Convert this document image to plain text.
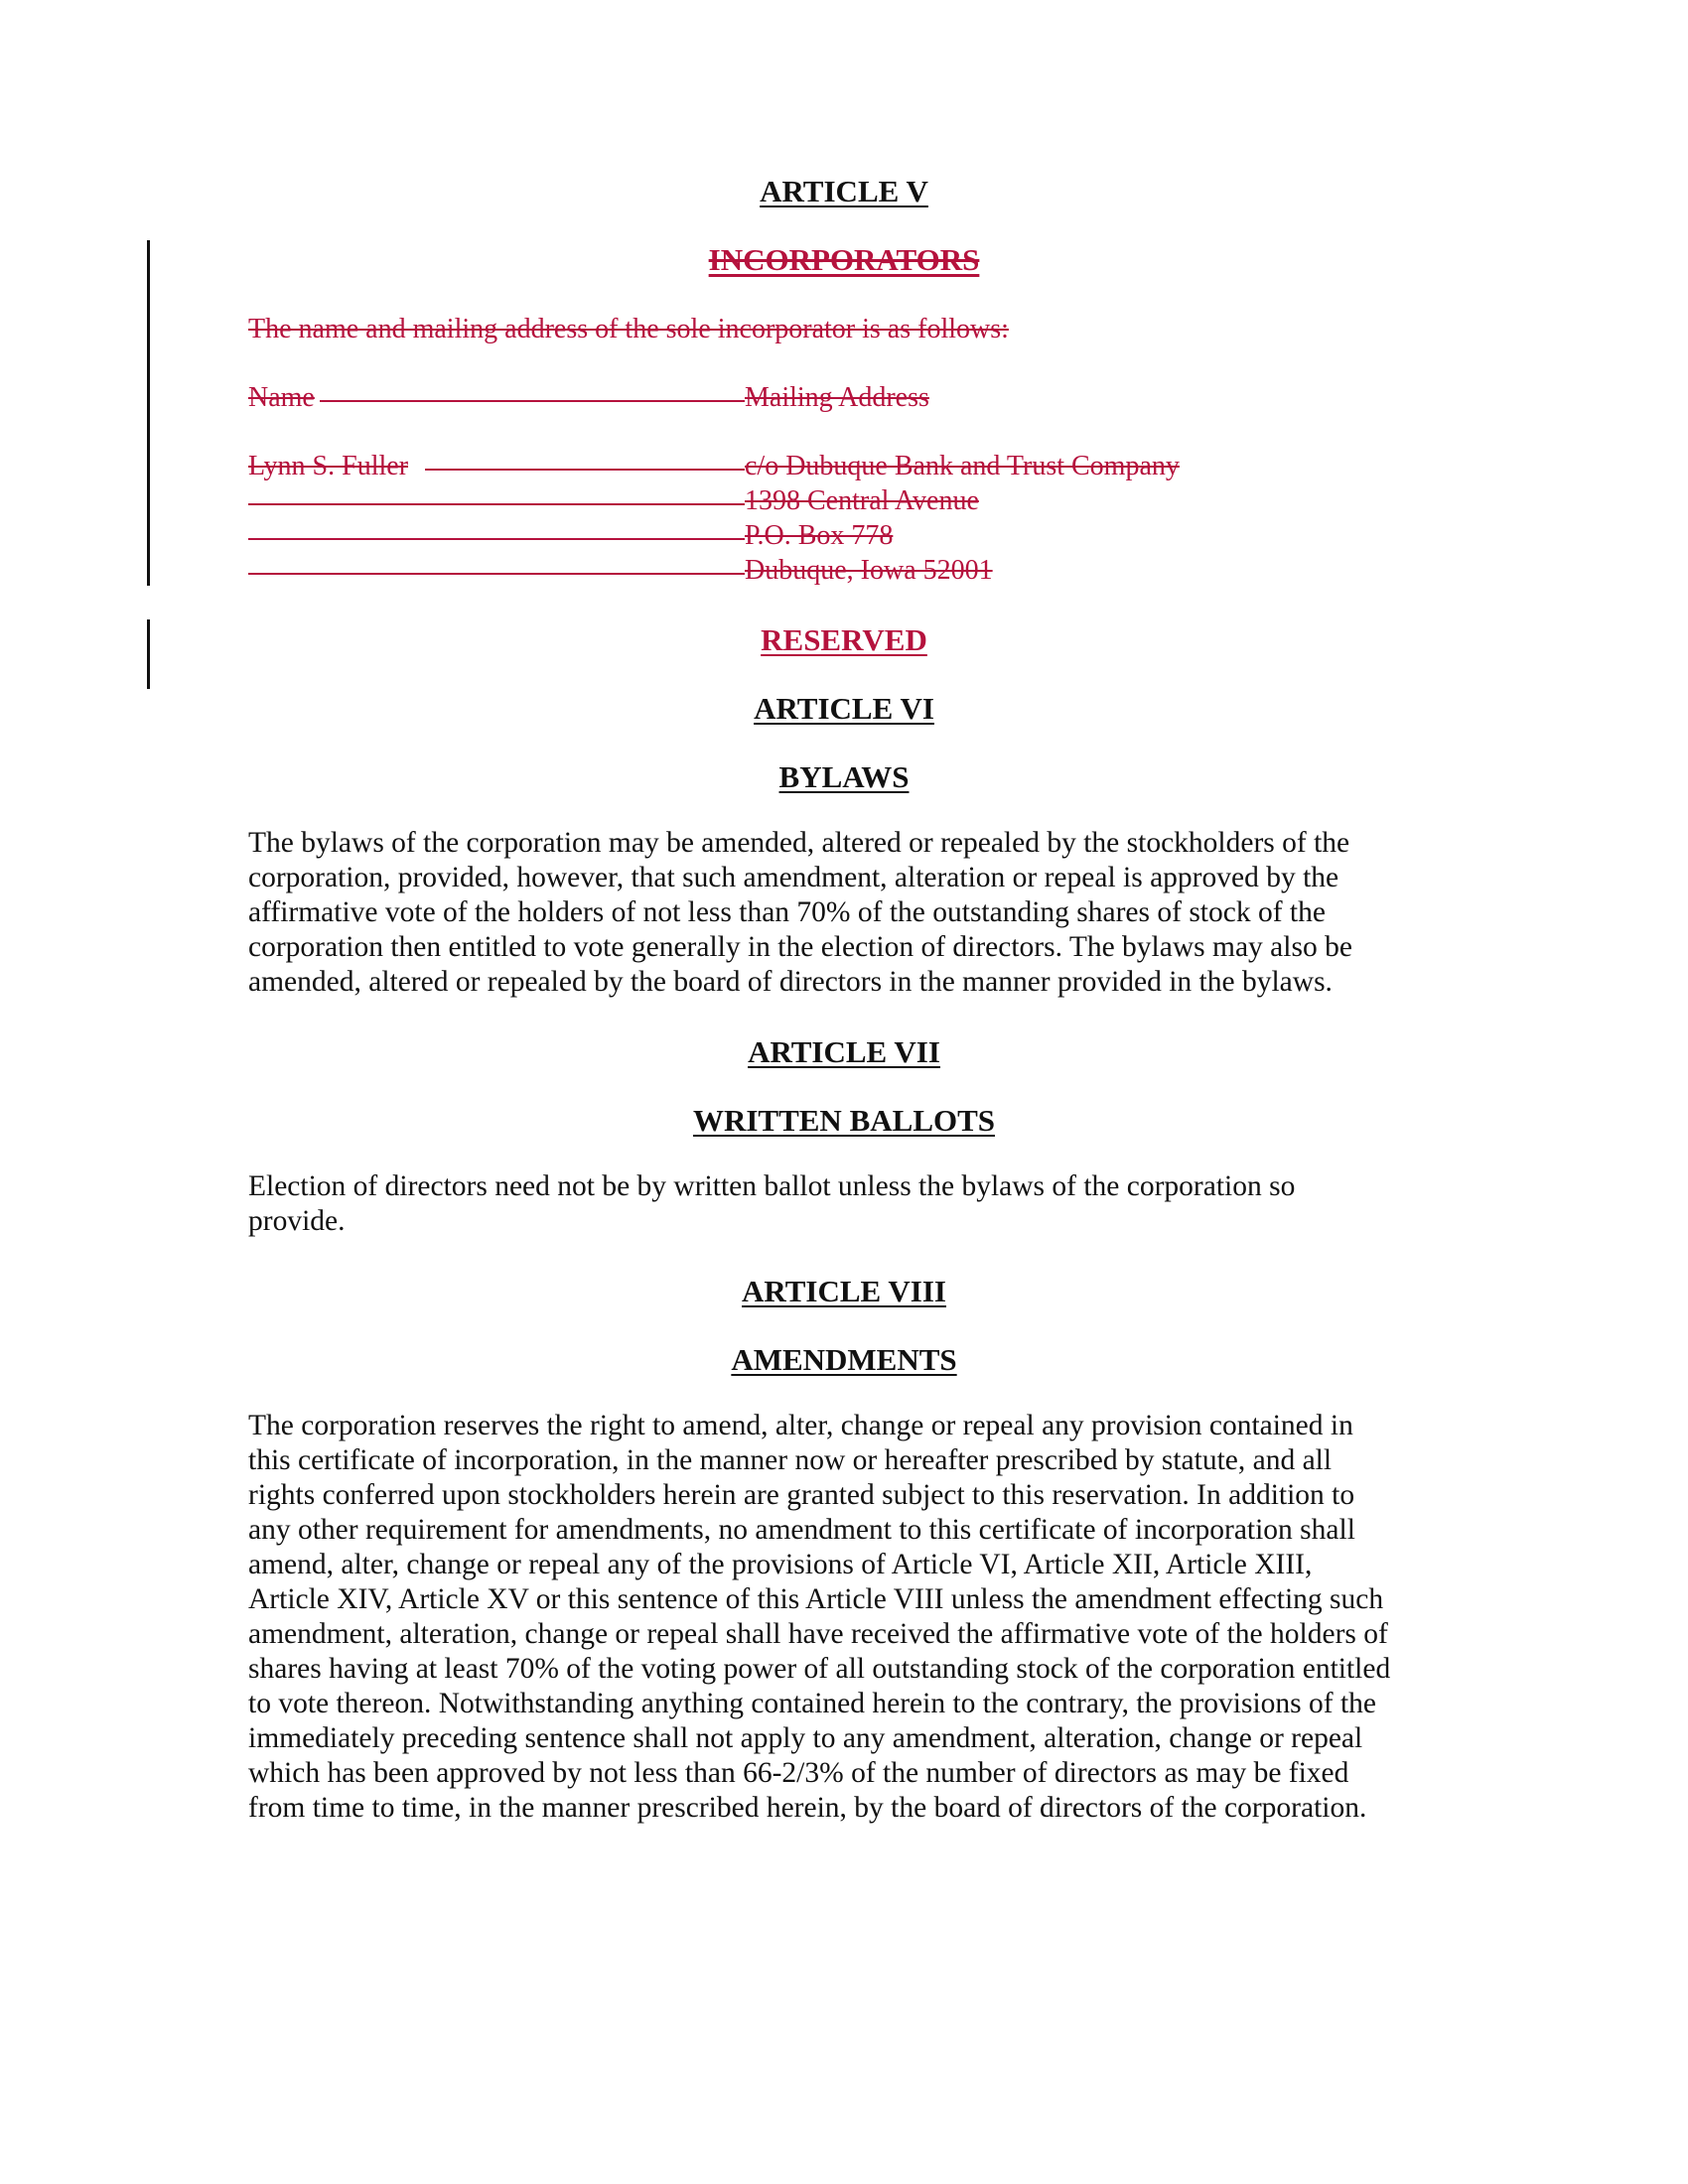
ARTICLE V
INCORPORATORS
The name and mailing address of the sole incorporator is as follows:
Name	Mailing Address
Lynn S. Fuller	c/o Dubuque Bank and Trust Company
1398 Central Avenue
P.O. Box 778
Dubuque, Iowa 52001
RESERVED
ARTICLE VI
BYLAWS
The bylaws of the corporation may be amended, altered or repealed by the stockholders of the
corporation, provided, however, that such amendment, alteration or repeal is approved by the
affirmative vote of the holders of not less than 70% of the outstanding shares of stock of the
corporation then entitled to vote generally in the election of directors. The bylaws may also be
amended, altered or repealed by the board of directors in the manner provided in the bylaws.
ARTICLE VII
WRITTEN BALLOTS
Election of directors need not be by written ballot unless the bylaws of the corporation so
provide.
ARTICLE VIII
AMENDMENTS
The corporation reserves the right to amend, alter, change or repeal any provision contained in
this certificate of incorporation, in the manner now or hereafter prescribed by statute, and all
rights conferred upon stockholders herein are granted subject to this reservation. In addition to
any other requirement for amendments, no amendment to this certificate of incorporation shall
amend, alter, change or repeal any of the provisions of Article VI, Article XII, Article XIII,
Article XIV, Article XV or this sentence of this Article VIII unless the amendment effecting such
amendment, alteration, change or repeal shall have received the affirmative vote of the holders of
shares having at least 70% of the voting power of all outstanding stock of the corporation entitled
to vote thereon. Notwithstanding anything contained herein to the contrary, the provisions of the
immediately preceding sentence shall not apply to any amendment, alteration, change or repeal
which has been approved by not less than 66-2/3% of the number of directors as may be fixed
from time to time, in the manner prescribed herein, by the board of directors of the corporation.
